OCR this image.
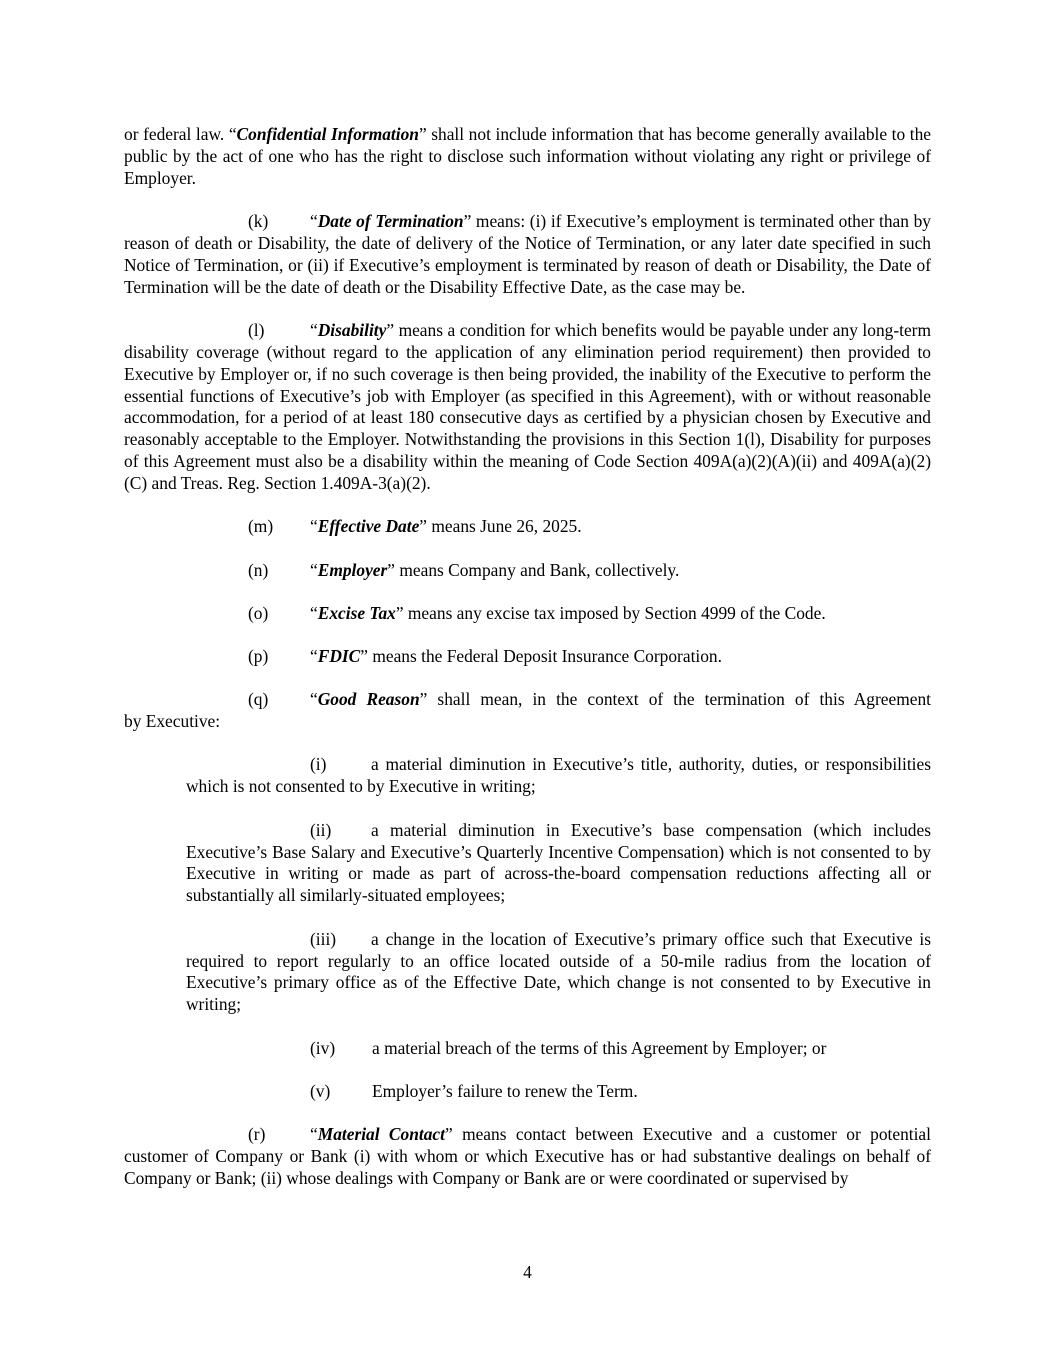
or federal law. “Confidential Information” shall not include information that has become generally available to the public by the act of one who has the right to disclose such information without violating any right or privilege of Employer.

(k) “Date of Termination” means: (i) if Executive’s employment is terminated other than by reason of death or Disability, the date of delivery of the Notice of Termination, or any later date specified in such Notice of Termination, or (ii) if Executive’s employment is terminated by reason of death or Disability, the Date of Termination will be the date of death or the Disability Effective Date, as the case may be.

(l)	“Disability” means a condition for which benefits would be payable under any long-term disability coverage (without regard to the application of any elimination period requirement) then provided to Executive by Employer or, if no such coverage is then being provided, the inability of the Executive to perform the essential functions of Executive’s job with Employer (as specified in this Agreement), with or without reasonable accommodation, for a period of at least 180 consecutive days as certified by a physician chosen by Executive and reasonably acceptable to the Employer. Notwithstanding the provisions in this Section 1(l), Disability for purposes of this Agreement must also be a disability within the meaning of Code Section 409A(a)(2)(A)(ii) and 409A(a)(2)(C) and Treas. Reg. Section 1.409A-3(a)(2).

(m) “Effective Date” means June 26, 2025.

(n) “Employer” means Company and Bank, collectively.

(o) “Excise Tax” means any excise tax imposed by Section 4999 of the Code.

(p) “FDIC” means the Federal Deposit Insurance Corporation.

(q) “Good Reason” shall mean, in the context of the termination of this Agreement

by Executive:

(i)	a material diminution in Executive’s title, authority, duties, or responsibilities which is not consented to by Executive in writing;

(ii) a material diminution in Executive’s base compensation (which includes Executive’s Base Salary and Executive’s Quarterly Incentive Compensation) which is not consented to by Executive in writing or made as part of across-the-board compensation reductions affecting all or substantially all similarly-situated employees;

(iii) a change in the location of Executive’s primary office such that Executive is required to report regularly to an office located outside of a 50-mile radius from the location of Executive’s primary office as of the Effective Date, which change is not consented to by Executive in writing;

(iv) a material breach of the terms of this Agreement by Employer; or

(v) Employer’s failure to renew the Term.

(r)	“Material Contact” means contact between Executive and a customer or potential customer of Company or Bank (i) with whom or which Executive has or had substantive dealings on behalf of Company or Bank; (ii) whose dealings with Company or Bank are or were coordinated or supervised by

4
